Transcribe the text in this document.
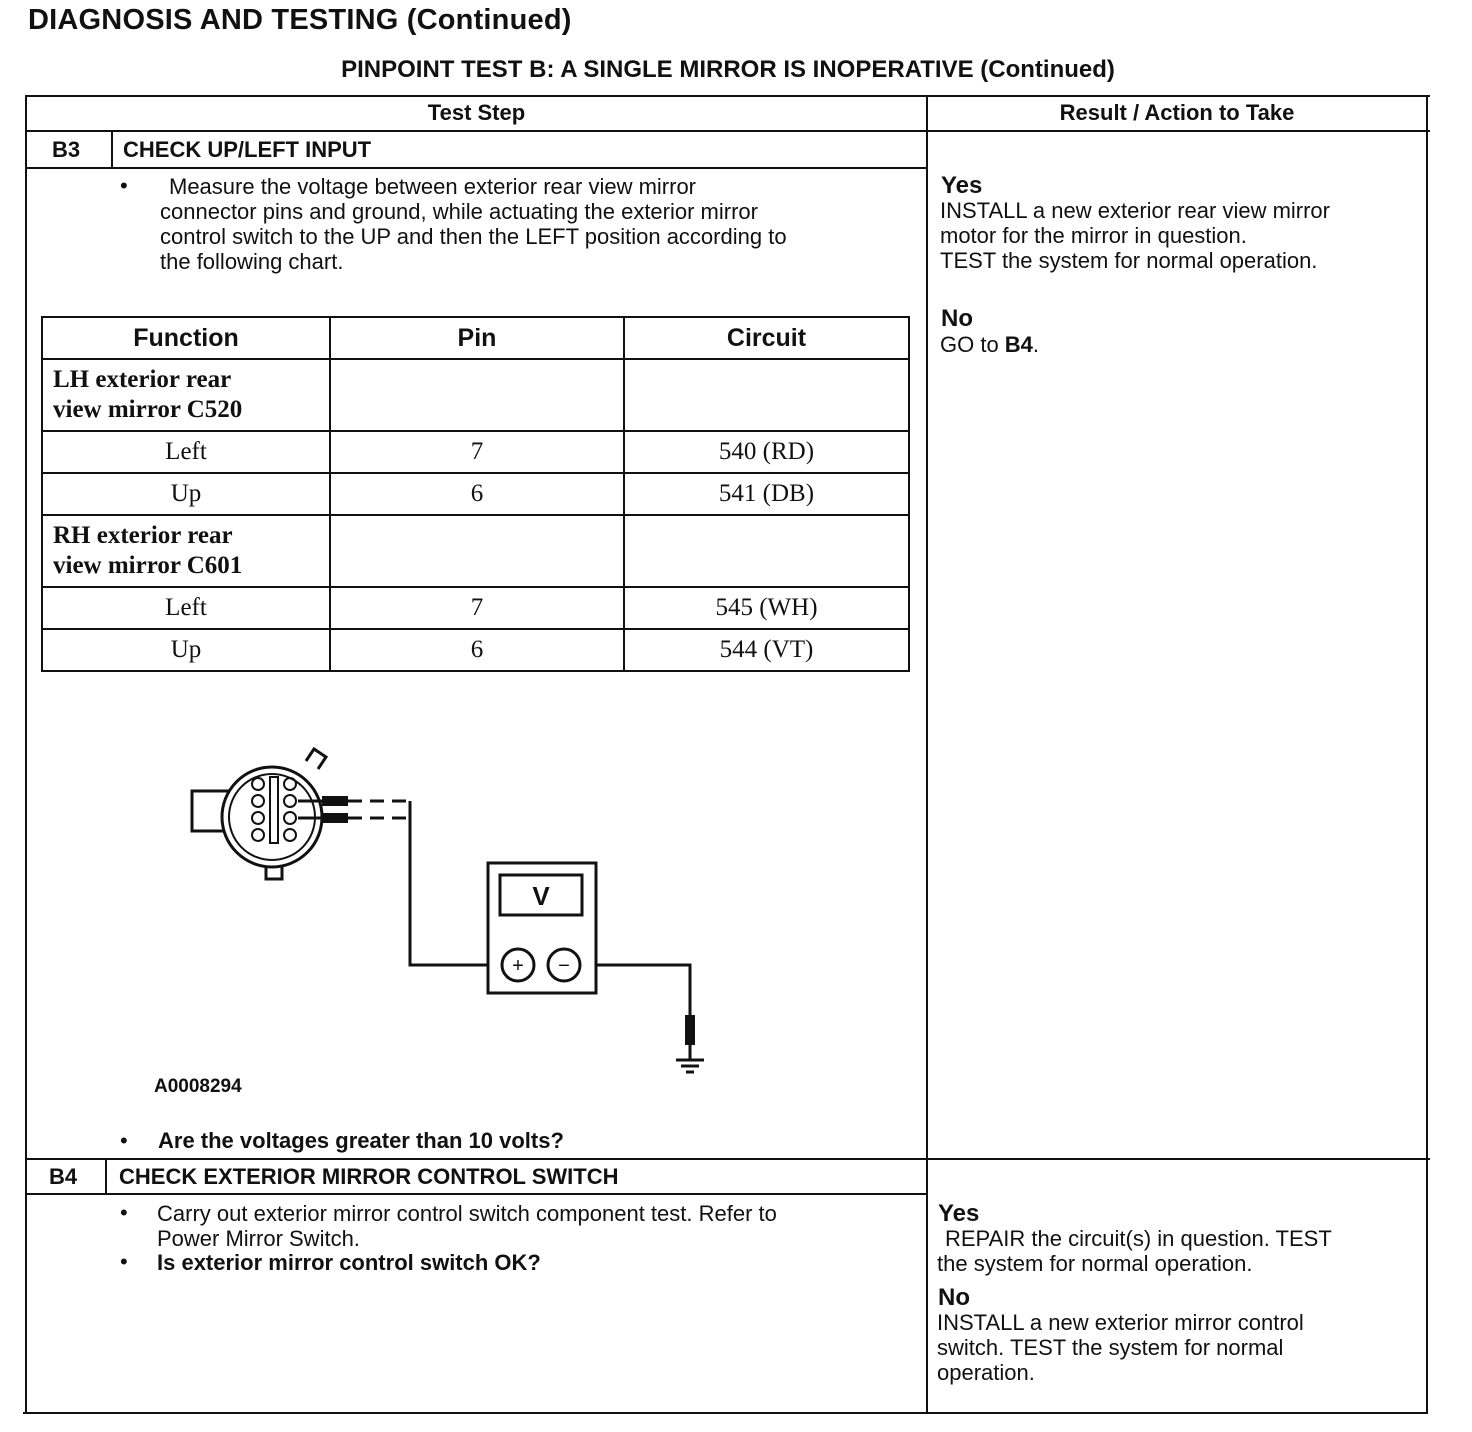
DIAGNOSIS AND TESTING (Continued)
PINPOINT TEST B: A SINGLE MIRROR IS INOPERATIVE (Continued)
Test Step	Result / Action to Take
B3 CHECK UP/LEFT INPUT
•	Measure the voltage between exterior rear view mirror
connector pins and ground, while actuating the exterior mirror
control switch to the UP and then the LEFT position according to
the following chart.
Function	Pin	Circuit

LH exterior rear
view mirror C520		

Left	7	540 (RD)
Up	6	541 (DB)

RH exterior rear
view mirror C601		

Left	7	545 (WH)
Up	6	544 (VT)
V
+ −
A0008294
• Are the voltages greater than 10 volts?
Yes
INSTALL a new exterior rear view mirror
motor for the mirror in question.
TEST the system for normal operation.
No
GO to B4.
B4 CHECK EXTERIOR MIRROR CONTROL SWITCH
• Carry out exterior mirror control switch component test. Refer to
Power Mirror Switch.
• Is exterior mirror control switch OK?
Yes
REPAIR the circuit(s) in question. TEST
the system for normal operation.
No
INSTALL a new exterior mirror control
switch. TEST the system for normal
operation.
